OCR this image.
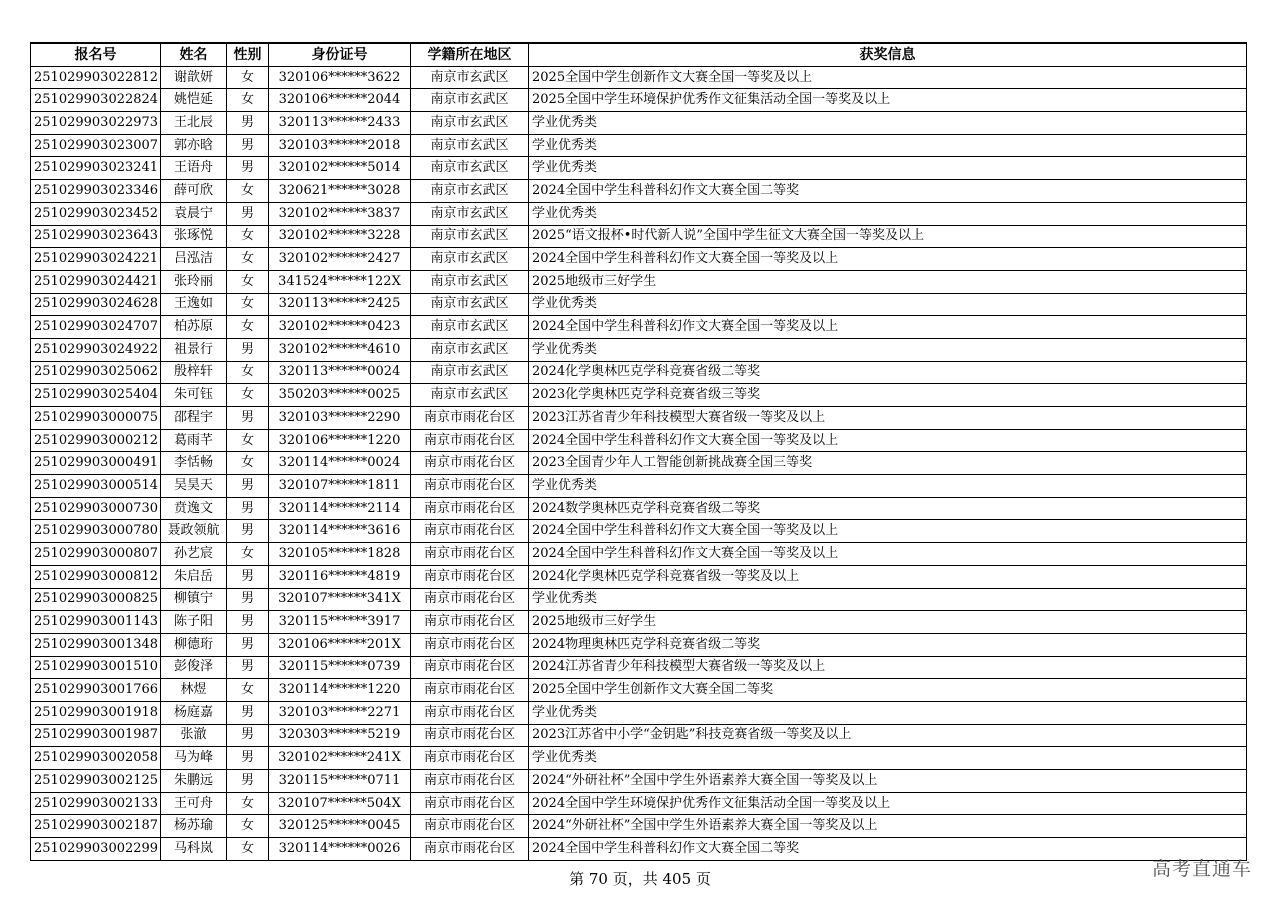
报名号	姓名	性别	身份证号	学籍所在地区	获奖信息
251029903022812	谢歆妍	女	320106******3622	南京市玄武区	2025全国中学生创新作文大赛全国一等奖及以上
251029903022824	姚恺延	女	320106******2044	南京市玄武区	2025全国中学生环境保护优秀作文征集活动全国一等奖及以上
251029903022973	王北辰	男	320113******2433	南京市玄武区	学业优秀类
251029903023007	郭亦晗	男	320103******2018	南京市玄武区	学业优秀类
251029903023241	王语舟	男	320102******5014	南京市玄武区	学业优秀类
251029903023346	薛可欣	女	320621******3028	南京市玄武区	2024全国中学生科普科幻作文大赛全国二等奖
251029903023452	袁晨宁	男	320102******3837	南京市玄武区	学业优秀类
251029903023643	张琢悦	女	320102******3228	南京市玄武区	2025“语文报杯•时代新人说”全国中学生征文大赛全国一等奖及以上
251029903024221	吕泓洁	女	320102******2427	南京市玄武区	2024全国中学生科普科幻作文大赛全国一等奖及以上
251029903024421	张玲丽	女	341524******122X	南京市玄武区	2025地级市三好学生
251029903024628	王逸如	女	320113******2425	南京市玄武区	学业优秀类
251029903024707	柏苏原	女	320102******0423	南京市玄武区	2024全国中学生科普科幻作文大赛全国一等奖及以上
251029903024922	祖景行	男	320102******4610	南京市玄武区	学业优秀类
251029903025062	殷梓轩	女	320113******0024	南京市玄武区	2024化学奥林匹克学科竞赛省级二等奖
251029903025404	朱可钰	女	350203******0025	南京市玄武区	2023化学奥林匹克学科竞赛省级三等奖
251029903000075	邵程宇	男	320103******2290	南京市雨花台区	2023江苏省青少年科技模型大赛省级一等奖及以上
251029903000212	葛雨芊	女	320106******1220	南京市雨花台区	2024全国中学生科普科幻作文大赛全国一等奖及以上
251029903000491	李恬畅	女	320114******0024	南京市雨花台区	2023全国青少年人工智能创新挑战赛全国三等奖
251029903000514	吴昊天	男	320107******1811	南京市雨花台区	学业优秀类
251029903000730	贲逸文	男	320114******2114	南京市雨花台区	2024数学奥林匹克学科竞赛省级二等奖
251029903000780	聂政领航	男	320114******3616	南京市雨花台区	2024全国中学生科普科幻作文大赛全国一等奖及以上
251029903000807	孙艺宸	女	320105******1828	南京市雨花台区	2024全国中学生科普科幻作文大赛全国一等奖及以上
251029903000812	朱启岳	男	320116******4819	南京市雨花台区	2024化学奥林匹克学科竞赛省级一等奖及以上
251029903000825	柳镇宁	男	320107******341X	南京市雨花台区	学业优秀类
251029903001143	陈子阳	男	320115******3917	南京市雨花台区	2025地级市三好学生
251029903001348	柳德珩	男	320106******201X	南京市雨花台区	2024物理奥林匹克学科竞赛省级二等奖
251029903001510	彭俊泽	男	320115******0739	南京市雨花台区	2024江苏省青少年科技模型大赛省级一等奖及以上
251029903001766	林煜	女	320114******1220	南京市雨花台区	2025全国中学生创新作文大赛全国二等奖
251029903001918	杨庭嘉	男	320103******2271	南京市雨花台区	学业优秀类
251029903001987	张澈	男	320303******5219	南京市雨花台区	2023江苏省中小学“金钥匙”科技竞赛省级一等奖及以上
251029903002058	马为峰	男	320102******241X	南京市雨花台区	学业优秀类
251029903002125	朱鹏远	男	320115******0711	南京市雨花台区	2024“外研社杯”全国中学生外语素养大赛全国一等奖及以上
251029903002133	王可舟	女	320107******504X	南京市雨花台区	2024全国中学生环境保护优秀作文征集活动全国一等奖及以上
251029903002187	杨苏瑜	女	320125******0045	南京市雨花台区	2024“外研社杯”全国中学生外语素养大赛全国一等奖及以上
251029903002299	马科岚	女	320114******0026	南京市雨花台区	2024全国中学生科普科幻作文大赛全国二等奖
第 70 页，共 405 页	高考直通车
